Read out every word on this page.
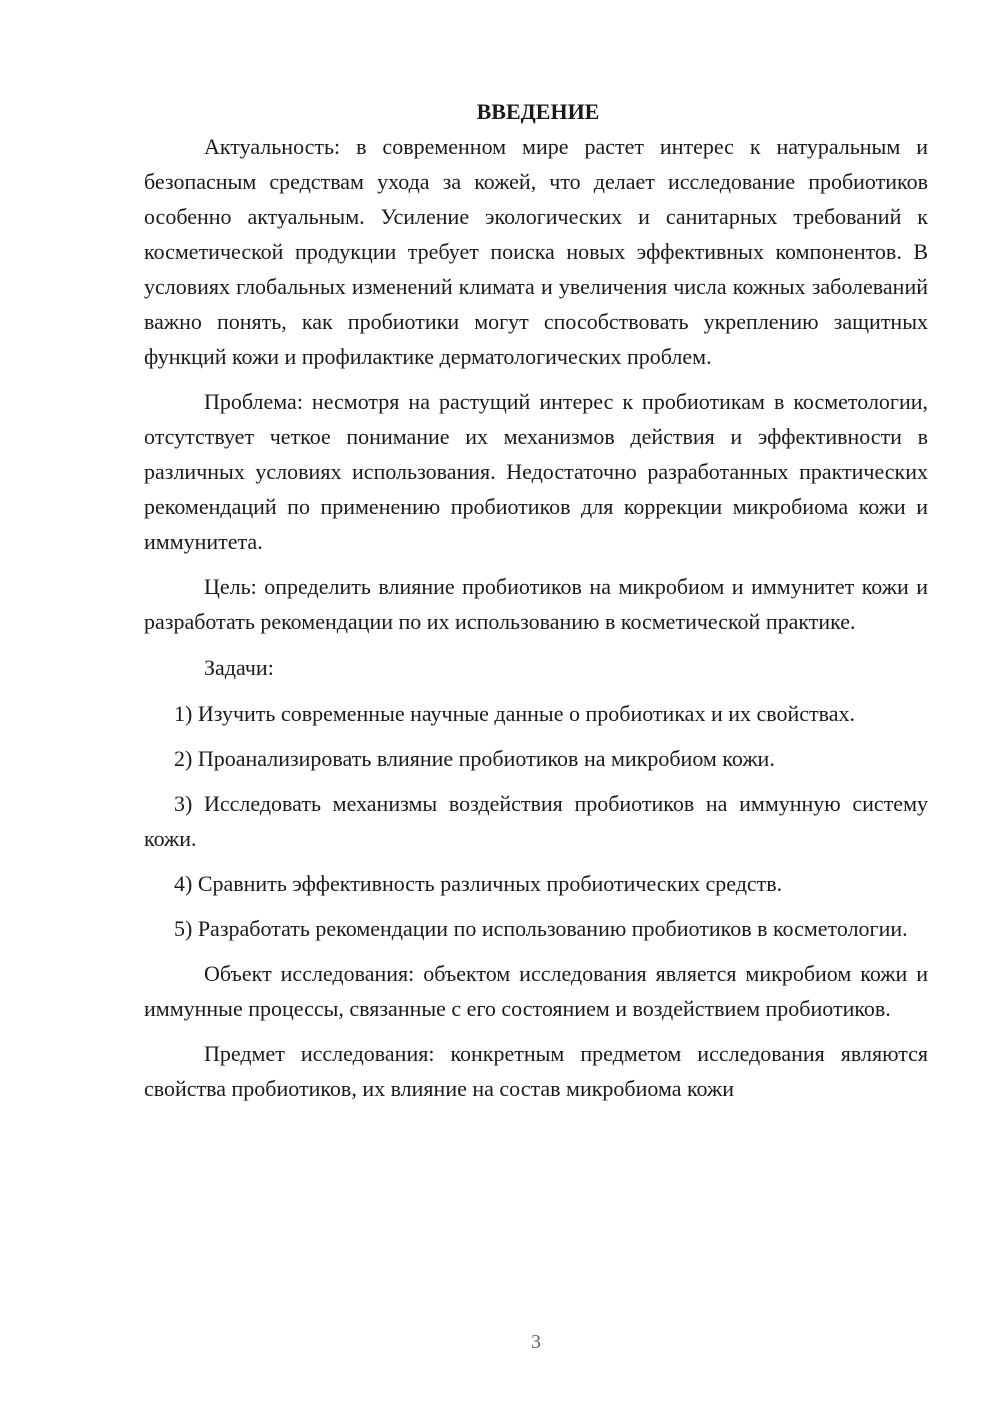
ВВЕДЕНИЕ

Актуальность: в современном мире растет интерес к натуральным и безопасным средствам ухода за кожей, что делает исследование пробиотиков особенно актуальным. Усиление экологических и санитарных требований к косметической продукции требует поиска новых эффективных компонентов. В условиях глобальных изменений климата и увеличения числа кожных заболеваний важно понять, как пробиотики могут способствовать укреплению защитных функций кожи и профилактике дерматологических проблем.

Проблема: несмотря на растущий интерес к пробиотикам в косметологии, отсутствует четкое понимание их механизмов действия и эффективности в различных условиях использования. Недостаточно разработанных практических рекомендаций по применению пробиотиков для коррекции микробиома кожи и иммунитета.

Цель: определить влияние пробиотиков на микробиом и иммунитет кожи и разработать рекомендации по их использованию в косметической практике.

Задачи:

1) Изучить современные научные данные о пробиотиках и их свойствах.

2) Проанализировать влияние пробиотиков на микробиом кожи.

3) Исследовать механизмы воздействия пробиотиков на иммунную систему кожи.

4) Сравнить эффективность различных пробиотических средств.

5) Разработать рекомендации по использованию пробиотиков в косметологии.

Объект исследования: объектом исследования является микробиом кожи и иммунные процессы, связанные с его состоянием и воздействием пробиотиков.

Предмет исследования: конкретным предметом исследования являются свойства пробиотиков, их влияние на состав микробиома кожи

3
